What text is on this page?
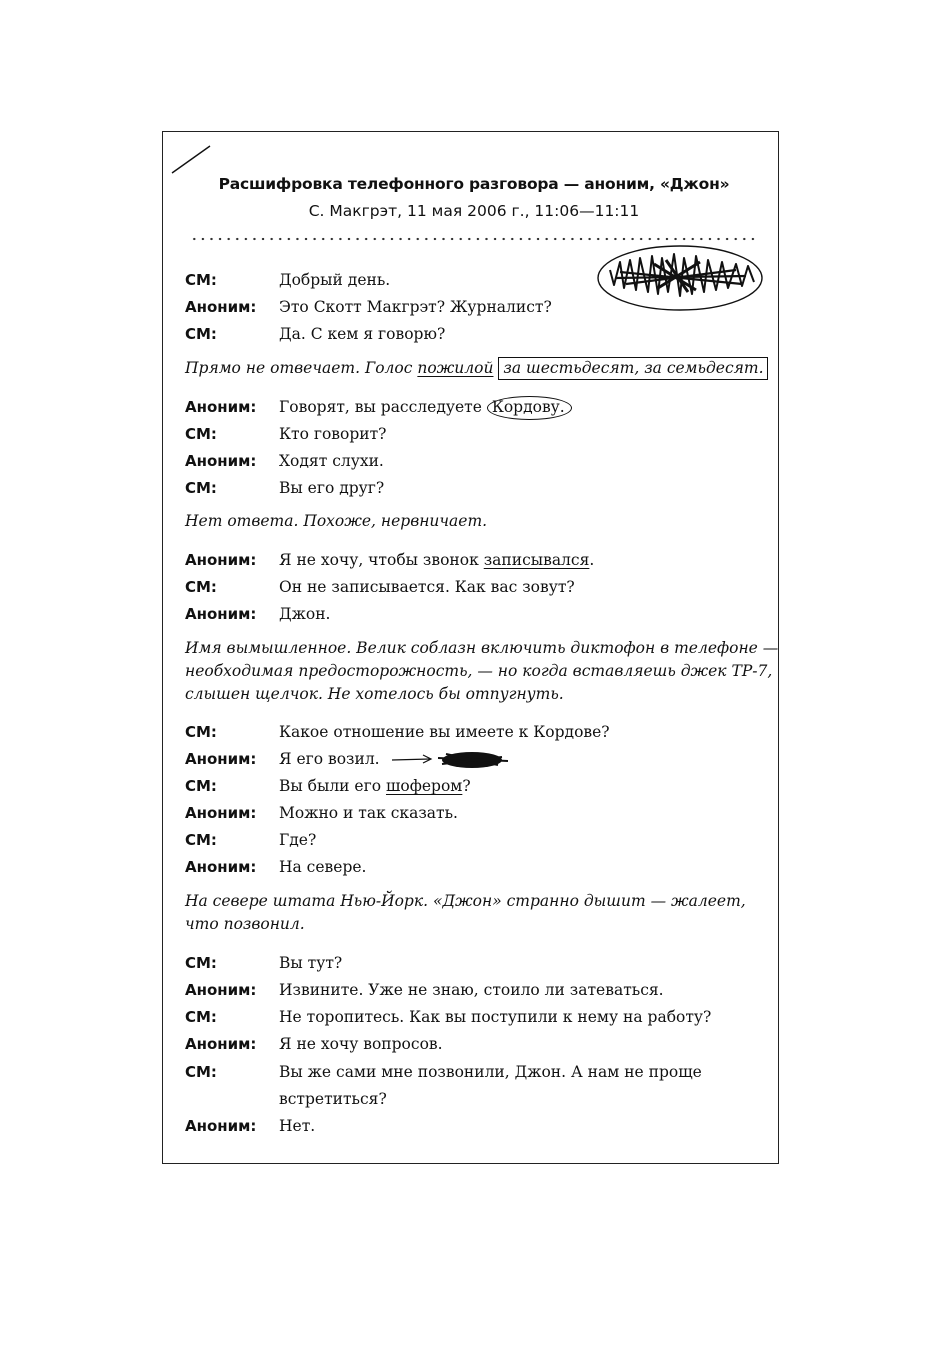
Расшифровка телефонного разговора — аноним, «Джон»
С. Макгрэт, 11 мая 2006 г., 11:06—11:11
СМ:	Добрый день.
Аноним: Это Скотт Макгрэт? Журналист?
СМ:	Да. С кем я говорю?
Прямо не отвечает. Голос пожилой за шестьдесят, за семьдесят.
Аноним: Говорят, вы расследуете Кордову.
СМ:	Кто говорит?
Аноним: Ходят слухи.
СМ:	Вы его друг?
Нет ответа. Похоже, нервничает.
Аноним: Я не хочу, чтобы звонок записывался.
СМ:	Он не записывается. Как вас зовут?
Аноним: Джон.
Имя вымышленное. Велик соблазн включить диктофон в телефоне —
необходимая предосторожность, — но когда вставляешь джек ТР-7,
слышен щелчок. Не хотелось бы отпугнуть.
СМ:	Какое отношение вы имеете к Кордове?
Аноним: Я его возил.
СМ:	Вы были его шофером?
Аноним: Можно и так сказать.
СМ:	Где?
Аноним: На севере.
На севере штата Нью-Йорк. «Джон» странно дышит — жалеет,
что позвонил.
СМ:	Вы тут?
Аноним: Извините. Уже не знаю, стоило ли затеваться.
СМ:	Не торопитесь. Как вы поступили к нему на работу?
Аноним: Я не хочу вопросов.
СМ:	Вы же сами мне позвонили, Джон. А нам не проще
встретиться?
Аноним: Нет.
